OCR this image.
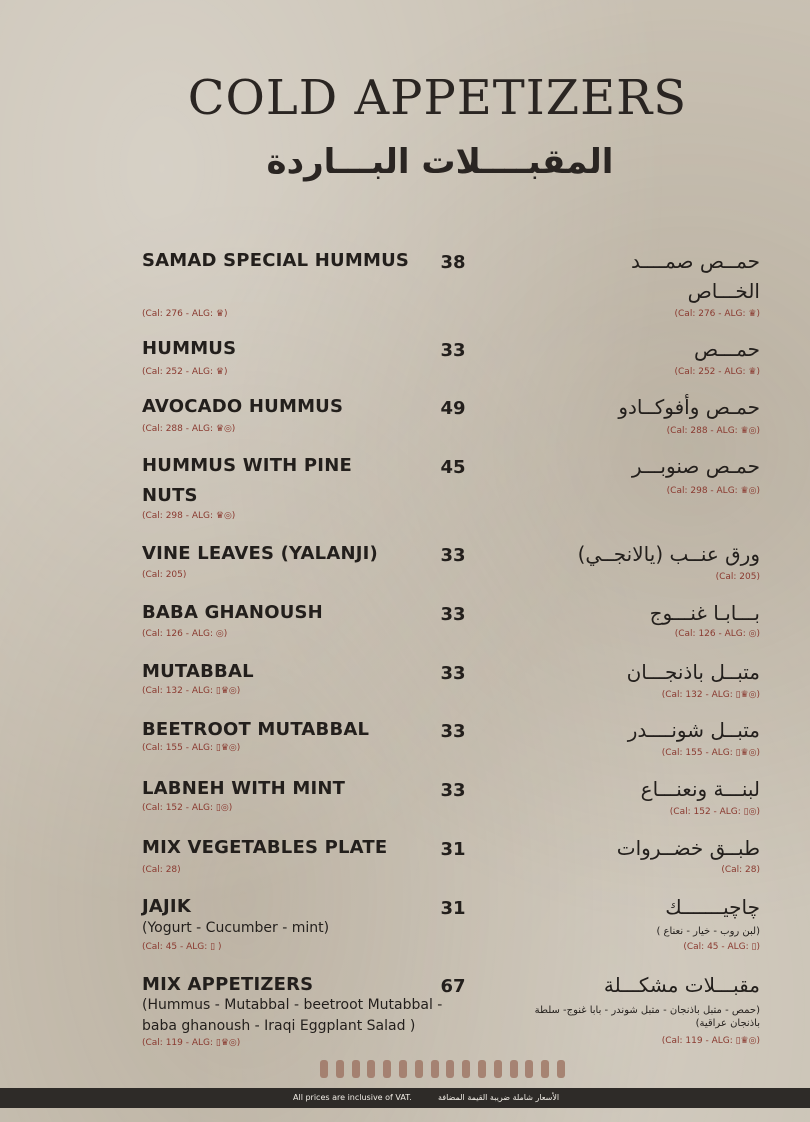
COLD APPETIZERS
المقبــــلات البـــاردة
SAMAD SPECIAL HUMMUS
(Cal: 276 - ALG: ♛)
38	حمــص صمــــد الخـــاص
(Cal: 276 - ALG: ♛)
HUMMUS
(Cal: 252 - ALG: ♛)
33	حمـــص
(Cal: 252 - ALG: ♛)
AVOCADO HUMMUS
(Cal: 288 - ALG: ♛◎)
49	حمـص وأفوكــادو
(Cal: 288 - ALG: ♛◎)
HUMMUS WITH PINE NUTS
(Cal: 298 - ALG: ♛◎)
45	حمـص صنوبـــر
(Cal: 298 - ALG: ♛◎)
VINE LEAVES (YALANJI)
(Cal: 205)
33	ورق عنــب (يالانجــي)
(Cal: 205)
BABA GHANOUSH
(Cal: 126 - ALG: ◎)
33	بـــابـا غنـــوج
(Cal: 126 - ALG: ◎)
MUTABBAL
(Cal: 132 - ALG: ▯♛◎)
33	متبــل باذنجـــان
(Cal: 132 - ALG: ▯♛◎)
BEETROOT MUTABBAL
(Cal: 155 - ALG: ▯♛◎)
33	متبــل شونــــدر
(Cal: 155 - ALG: ▯♛◎)
LABNEH WITH MINT
(Cal: 152 - ALG: ▯◎)
33	لبنـــة ونعنـــاع
(Cal: 152 - ALG: ▯◎)
MIX VEGETABLES PLATE
(Cal: 28)
31	طبــق خضــروات
(Cal: 28)
JAJIK
(Yogurt - Cucumber - mint)
(Cal: 45 - ALG: ▯ )
31	چاچيـــــــك
(لبن روب - خيار - نعناع )
(Cal: 45 - ALG: ▯)
MIX APPETIZERS
(Hummus - Mutabbal - beetroot Mutabbal - baba ghanoush - Iraqi Eggplant Salad )
(Cal: 119 - ALG: ▯♛◎)
67	مقبـــلات مشكـــلة
(حمص - متبل باذنجان - متبل شوندر - بابا غنوج- سلطة باذنجان عراقية)
(Cal: 119 - ALG: ▯♛◎)
All prices are inclusive of VAT.	الأسعار شاملة ضريبة القيمة المضافة
